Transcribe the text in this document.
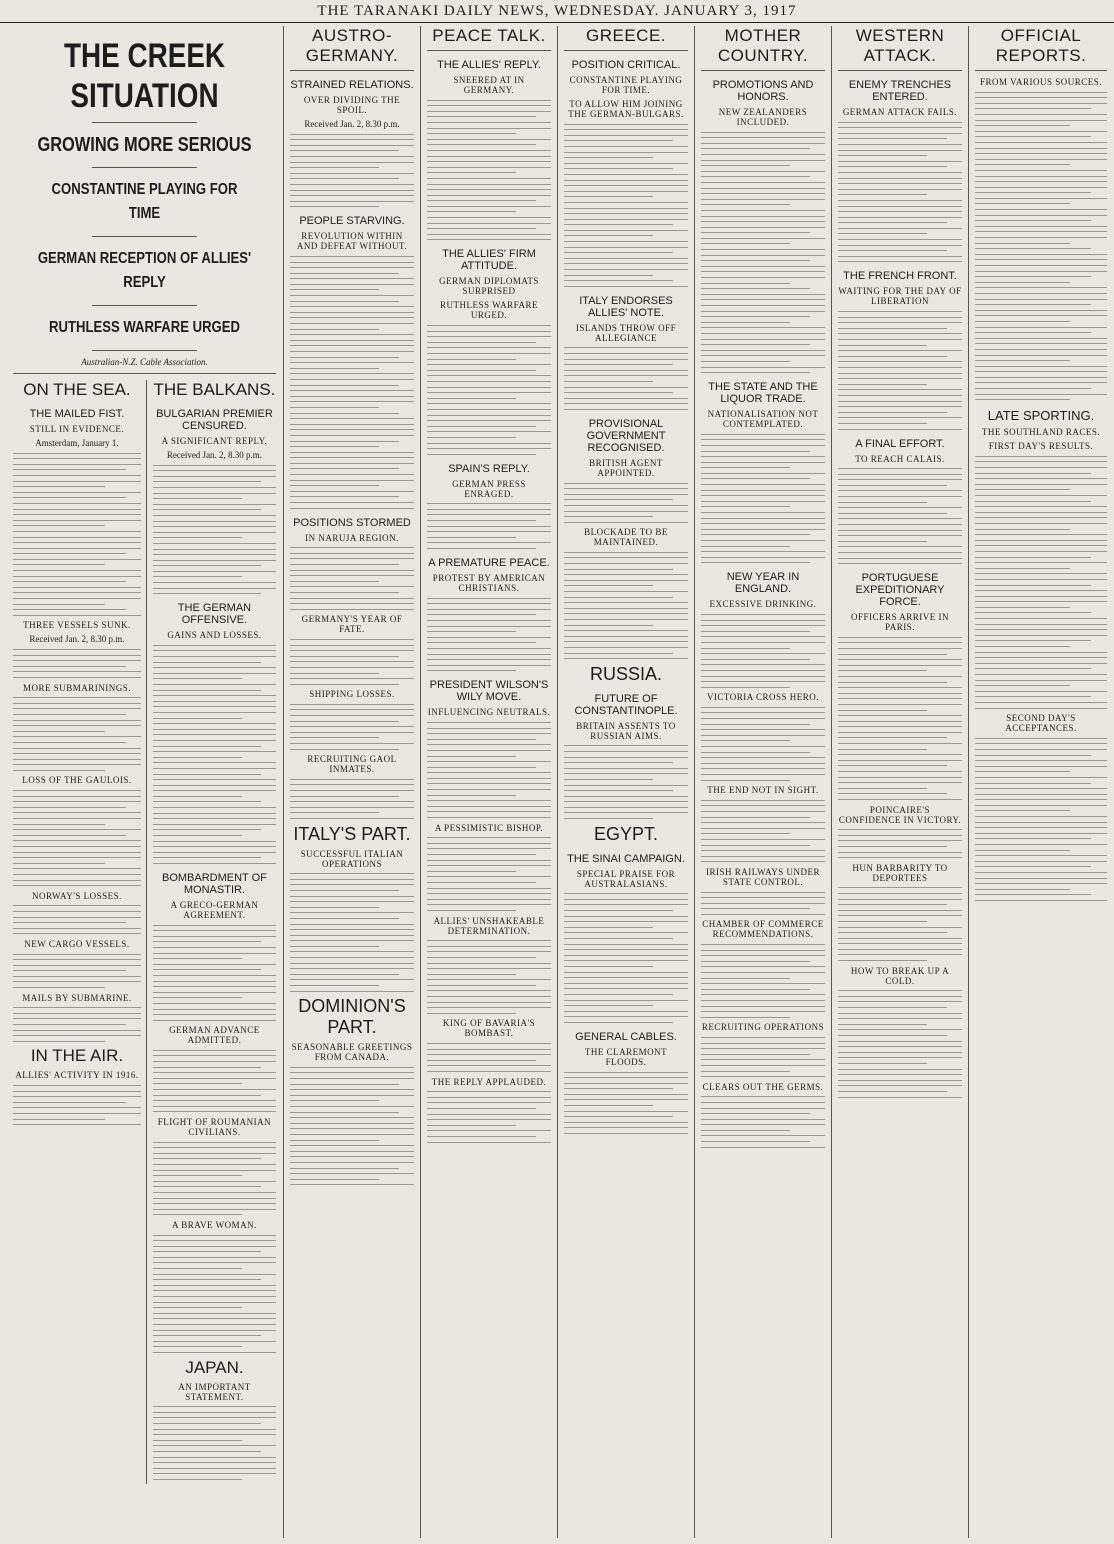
THE TARANAKI DAILY NEWS, WEDNESDAY. JANUARY 3, 1917
THE CREEK SITUATION
GROWING MORE SERIOUS
CONSTANTINE PLAYING FOR TIME
GERMAN RECEPTION OF ALLIES' REPLY
RUTHLESS WARFARE URGED
Australian-N.Z. Cable Association.
ON THE SEA.
THE MAILED FIST.
STILL IN EVIDENCE.
Amsterdam, January 1.
THREE VESSELS SUNK.
Received Jan. 2, 8.30 p.m.
MORE SUBMARININGS.
LOSS OF THE GAULOIS.
NORWAY'S LOSSES.
NEW CARGO VESSELS.
MAILS BY SUBMARINE.
IN THE AIR.
ALLIES' ACTIVITY IN 1916.
THE BALKANS.
BULGARIAN PREMIER CENSURED.
A SIGNIFICANT REPLY.
Received Jan. 2, 8.30 p.m.
THE GERMAN OFFENSIVE.
GAINS AND LOSSES.
BOMBARDMENT OF MONASTIR.
A GRECO-GERMAN AGREEMENT.
GERMAN ADVANCE ADMITTED.
FLIGHT OF ROUMANIAN CIVILIANS.
A BRAVE WOMAN.
JAPAN.
AN IMPORTANT STATEMENT.
AUSTRO-GERMANY.
STRAINED RELATIONS.
OVER DIVIDING THE SPOIL.
Received Jan. 2, 8.30 p.m.
PEOPLE STARVING.
REVOLUTION WITHIN AND DEFEAT WITHOUT.
POSITIONS STORMED
IN NARUJA REGION.
GERMANY'S YEAR OF FATE.
SHIPPING LOSSES.
RECRUITING GAOL INMATES.
ITALY'S PART.
SUCCESSFUL ITALIAN OPERATIONS
DOMINION'S PART.
SEASONABLE GREETINGS FROM CANADA.
PEACE TALK.
THE ALLIES' REPLY.
SNEERED AT IN GERMANY.
THE ALLIES' FIRM ATTITUDE.
GERMAN DIPLOMATS SURPRISED
RUTHLESS WARFARE URGED.
SPAIN'S REPLY.
GERMAN PRESS ENRAGED.
A PREMATURE PEACE.
PROTEST BY AMERICAN CHRISTIANS.
PRESIDENT WILSON'S WILY MOVE.
INFLUENCING NEUTRALS.
A PESSIMISTIC BISHOP.
ALLIES' UNSHAKEABLE DETERMINATION.
KING OF BAVARIA'S BOMBAST.
THE REPLY APPLAUDED.
GREECE.
POSITION CRITICAL.
CONSTANTINE PLAYING FOR TIME.
TO ALLOW HIM JOINING THE GERMAN-BULGARS.
ITALY ENDORSES ALLIES' NOTE.
ISLANDS THROW OFF ALLEGIANCE
PROVISIONAL GOVERNMENT RECOGNISED.
BRITISH AGENT APPOINTED.
BLOCKADE TO BE MAINTAINED.
RUSSIA.
FUTURE OF CONSTANTINOPLE.
BRITAIN ASSENTS TO RUSSIAN AIMS.
EGYPT.
THE SINAI CAMPAIGN.
SPECIAL PRAISE FOR AUSTRALASIANS.
GENERAL CABLES.
THE CLAREMONT FLOODS.
MOTHER COUNTRY.
PROMOTIONS AND HONORS.
NEW ZEALANDERS INCLUDED.
THE STATE AND THE LIQUOR TRADE.
NATIONALISATION NOT CONTEMPLATED.
NEW YEAR IN ENGLAND.
EXCESSIVE DRINKING.
VICTORIA CROSS HERO.
THE END NOT IN SIGHT.
IRISH RAILWAYS UNDER STATE CONTROL.
CHAMBER OF COMMERCE RECOMMENDATIONS.
RECRUITING OPERATIONS
CLEARS OUT THE GERMS.
WESTERN ATTACK.
ENEMY TRENCHES ENTERED.
GERMAN ATTACK FAILS.
THE FRENCH FRONT.
WAITING FOR THE DAY OF LIBERATION
A FINAL EFFORT.
TO REACH CALAIS.
PORTUGUESE EXPEDITIONARY FORCE.
OFFICERS ARRIVE IN PARIS.
POINCAIRE'S CONFIDENCE IN VICTORY.
HUN BARBARITY TO DEPORTEES
HOW TO BREAK UP A COLD.
OFFICIAL REPORTS.
FROM VARIOUS SOURCES.
LATE SPORTING.
THE SOUTHLAND RACES.
FIRST DAY'S RESULTS.
SECOND DAY'S ACCEPTANCES.
